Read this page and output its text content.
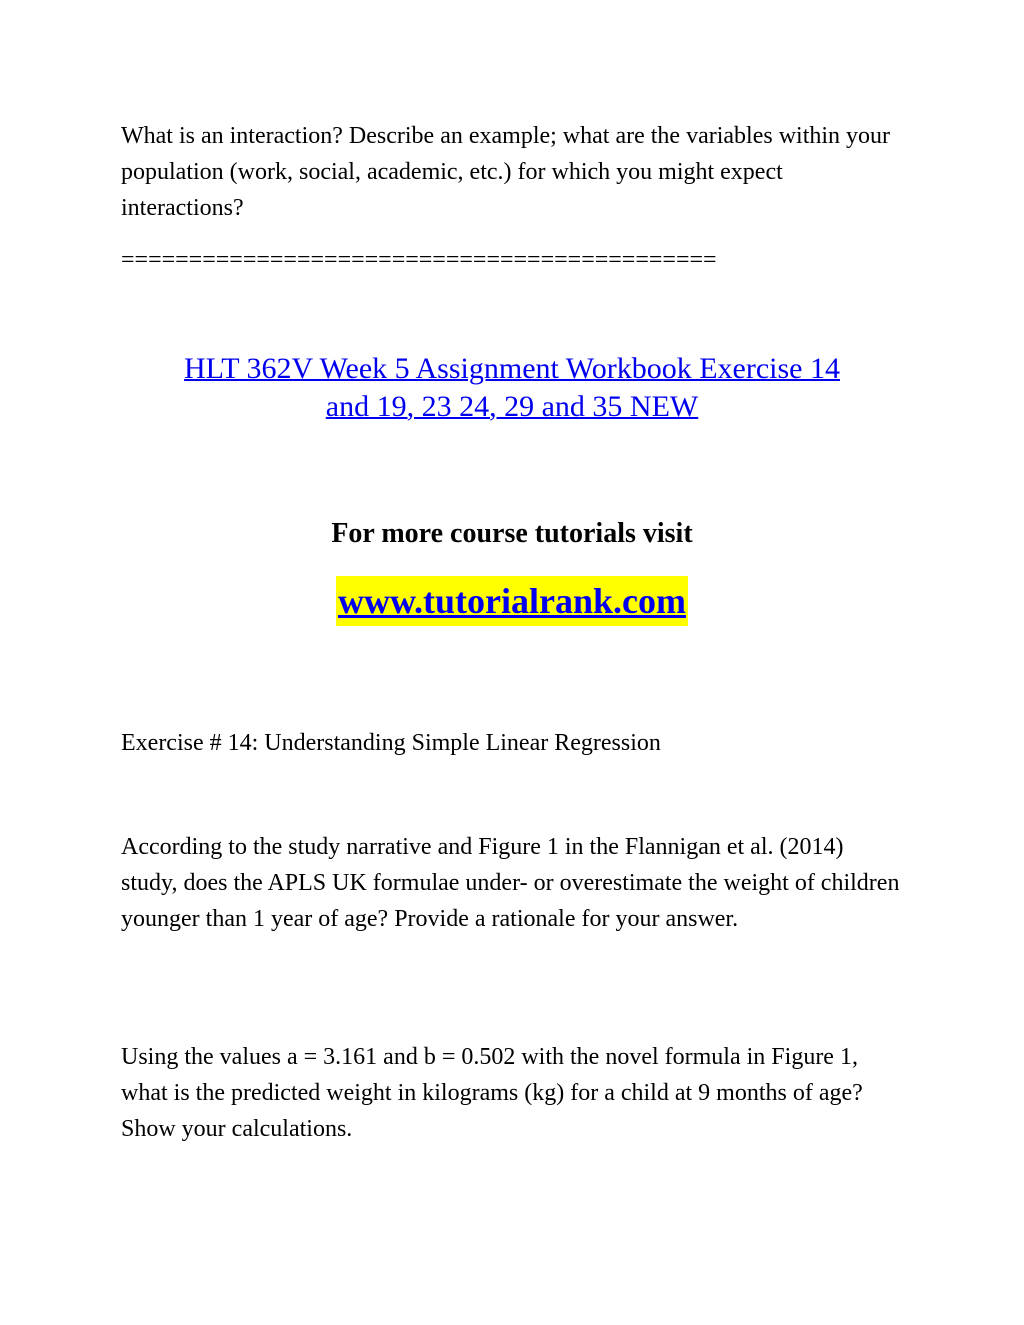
What is an interaction? Describe an example; what are the variables within your population (work, social, academic, etc.) for which you might expect interactions?

============================================

HLT 362V Week 5 Assignment Workbook Exercise 14
and 19, 23 24, 29 and 35 NEW

For more course tutorials visit

www.tutorialrank.com

Exercise # 14: Understanding Simple Linear Regression

According to the study narrative and Figure 1 in the Flannigan et al. (2014) study, does the APLS UK formulae under- or overestimate the weight of children younger than 1 year of age? Provide a rationale for your answer.

Using the values a = 3.161 and b = 0.502 with the novel formula in Figure 1, what is the predicted weight in kilograms (kg) for a child at 9 months of age? Show your calculations.
